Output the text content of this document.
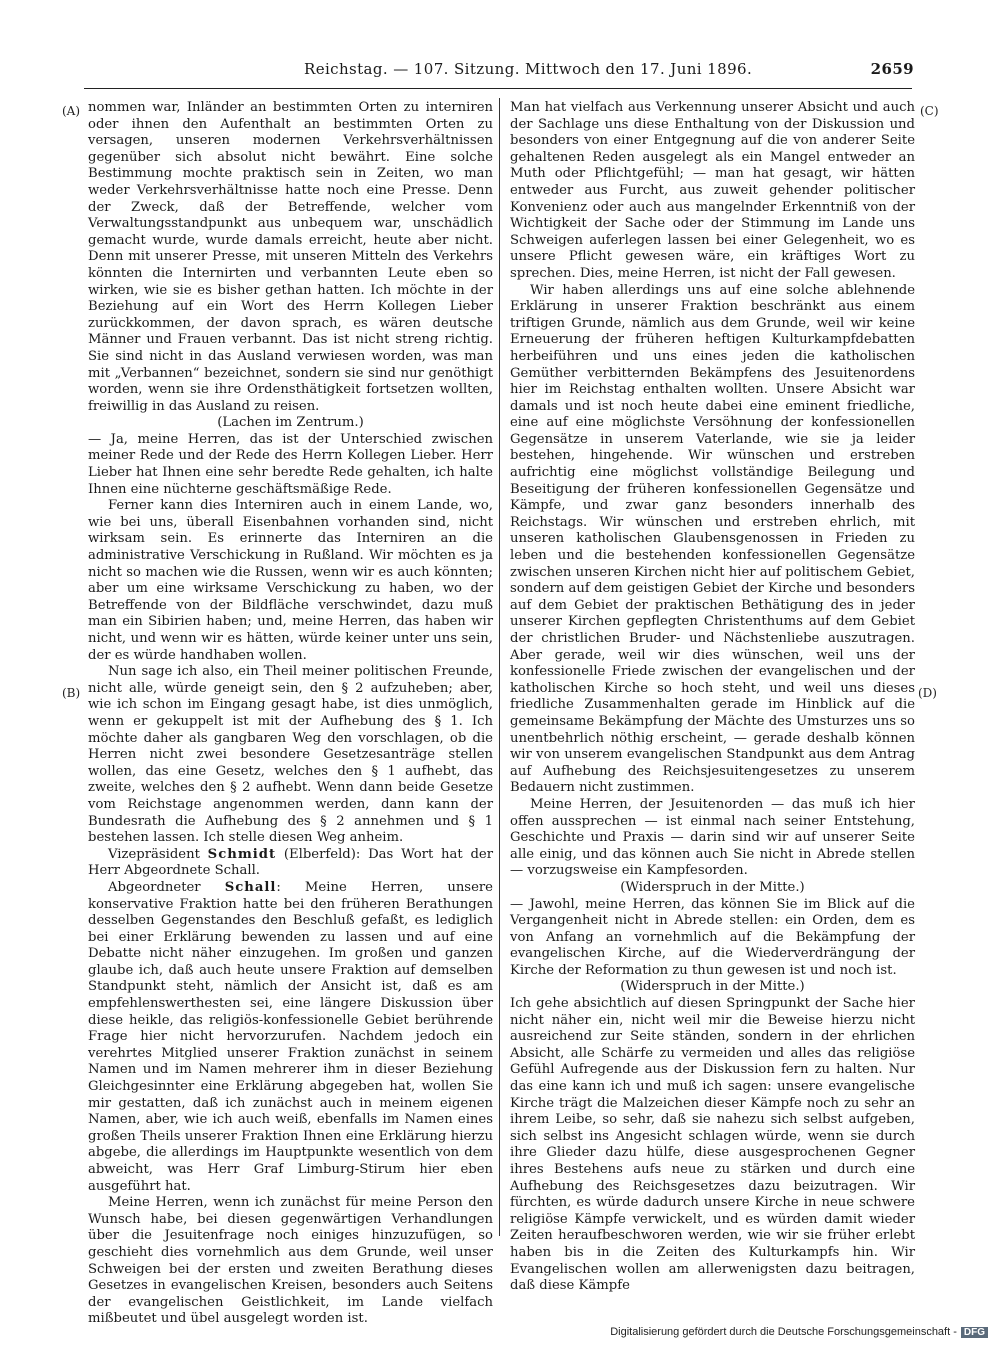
Reichstag. — 107. Sitzung. Mittwoch den 17. Juni 1896.	2659
(A)
(B)
(C)
(D)

nommen war, Inländer an bestimmten Orten zu interniren oder ihnen den Aufenthalt an bestimmten Orten zu versagen, unseren modernen Verkehrsverhältnissen gegenüber sich absolut nicht bewährt. Eine solche Bestimmung mochte praktisch sein in Zeiten, wo man weder Verkehrsverhältnisse hatte noch eine Presse. Denn der Zweck, daß der Betreffende, welcher vom Verwaltungsstandpunkt aus unbequem war, unschädlich gemacht wurde, wurde damals erreicht, heute aber nicht. Denn mit unserer Presse, mit unseren Mitteln des Verkehrs könnten die Internirten und verbannten Leute eben so wirken, wie sie es bisher gethan hatten. Ich möchte in der Beziehung auf ein Wort des Herrn Kollegen Lieber zurückkommen, der davon sprach, es wären deutsche Männer und Frauen verbannt. Das ist nicht streng richtig. Sie sind nicht in das Ausland verwiesen worden, was man mit „Verbannen“ bezeichnet, sondern sie sind nur genöthigt worden, wenn sie ihre Ordensthätigkeit fortsetzen wollten, freiwillig in das Ausland zu reisen.

(Lachen im Zentrum.)

— Ja, meine Herren, das ist der Unterschied zwischen meiner Rede und der Rede des Herrn Kollegen Lieber. Herr Lieber hat Ihnen eine sehr beredte Rede gehalten, ich halte Ihnen eine nüchterne geschäftsmäßige Rede.

Ferner kann dies Interniren auch in einem Lande, wo, wie bei uns, überall Eisenbahnen vorhanden sind, nicht wirksam sein. Es erinnerte das Interniren an die administrative Verschickung in Rußland. Wir möchten es ja nicht so machen wie die Russen, wenn wir es auch könnten; aber um eine wirksame Verschickung zu haben, wo der Betreffende von der Bildfläche verschwindet, dazu muß man ein Sibirien haben; und, meine Herren, das haben wir nicht, und wenn wir es hätten, würde keiner unter uns sein, der es würde handhaben wollen.

Nun sage ich also, ein Theil meiner politischen Freunde, nicht alle, würde geneigt sein, den § 2 aufzuheben; aber, wie ich schon im Eingang gesagt habe, ist dies unmöglich, wenn er gekuppelt ist mit der Aufhebung des § 1. Ich möchte daher als gangbaren Weg den vorschlagen, ob die Herren nicht zwei besondere Gesetzesanträge stellen wollen, das eine Gesetz, welches den § 1 aufhebt, das zweite, welches den § 2 aufhebt. Wenn dann beide Gesetze vom Reichstage angenommen werden, dann kann der Bundesrath die Aufhebung des § 2 annehmen und § 1 bestehen lassen. Ich stelle diesen Weg anheim.

Vizepräsident Schmidt (Elberfeld): Das Wort hat der Herr Abgeordnete Schall.

Abgeordneter Schall: Meine Herren, unsere konservative Fraktion hatte bei den früheren Berathungen desselben Gegenstandes den Beschluß gefaßt, es lediglich bei einer Erklärung bewenden zu lassen und auf eine Debatte nicht näher einzugehen. Im großen und ganzen glaube ich, daß auch heute unsere Fraktion auf demselben Standpunkt steht, nämlich der Ansicht ist, daß es am empfehlenswerthesten sei, eine längere Diskussion über diese heikle, das religiös-konfessionelle Gebiet berührende Frage hier nicht hervorzurufen. Nachdem jedoch ein verehrtes Mitglied unserer Fraktion zunächst in seinem Namen und im Namen mehrerer ihm in dieser Beziehung Gleichgesinnter eine Erklärung abgegeben hat, wollen Sie mir gestatten, daß ich zunächst auch in meinem eigenen Namen, aber, wie ich auch weiß, ebenfalls im Namen eines großen Theils unserer Fraktion Ihnen eine Erklärung hierzu abgebe, die allerdings im Hauptpunkte wesentlich von dem abweicht, was Herr Graf Limburg-Stirum hier eben ausgeführt hat.

Meine Herren, wenn ich zunächst für meine Person den Wunsch habe, bei diesen gegenwärtigen Verhandlungen über die Jesuitenfrage noch einiges hinzuzufügen, so geschieht dies vornehmlich aus dem Grunde, weil unser Schweigen bei der ersten und zweiten Berathung dieses Gesetzes in evangelischen Kreisen, besonders auch Seitens der evangelischen Geistlichkeit, im Lande vielfach mißbeutet und übel ausgelegt worden ist.

Man hat vielfach aus Verkennung unserer Absicht und auch der Sachlage uns diese Enthaltung von der Diskussion und besonders von einer Entgegnung auf die von anderer Seite gehaltenen Reden ausgelegt als ein Mangel entweder an Muth oder Pflichtgefühl; — man hat gesagt, wir hätten entweder aus Furcht, aus zuweit gehender politischer Konvenienz oder auch aus mangelnder Erkenntniß von der Wichtigkeit der Sache oder der Stimmung im Lande uns Schweigen auferlegen lassen bei einer Gelegenheit, wo es unsere Pflicht gewesen wäre, ein kräftiges Wort zu sprechen. Dies, meine Herren, ist nicht der Fall gewesen.

Wir haben allerdings uns auf eine solche ablehnende Erklärung in unserer Fraktion beschränkt aus einem triftigen Grunde, nämlich aus dem Grunde, weil wir keine Erneuerung der früheren heftigen Kulturkampfdebatten herbeiführen und uns eines jeden die katholischen Gemüther verbitternden Bekämpfens des Jesuitenordens hier im Reichstag enthalten wollten. Unsere Absicht war damals und ist noch heute dabei eine eminent friedliche, eine auf eine möglichste Versöhnung der konfessionellen Gegensätze in unserem Vaterlande, wie sie ja leider bestehen, hingehende. Wir wünschen und erstreben aufrichtig eine möglichst vollständige Beilegung und Beseitigung der früheren konfessionellen Gegensätze und Kämpfe, und zwar ganz besonders innerhalb des Reichstags. Wir wünschen und erstreben ehrlich, mit unseren katholischen Glaubensgenossen in Frieden zu leben und die bestehenden konfessionellen Gegensätze zwischen unseren Kirchen nicht hier auf politischem Gebiet, sondern auf dem geistigen Gebiet der Kirche und besonders auf dem Gebiet der praktischen Bethätigung des in jeder unserer Kirchen gepflegten Christenthums auf dem Gebiet der christlichen Bruder- und Nächstenliebe auszutragen. Aber gerade, weil wir dies wünschen, weil uns der konfessionelle Friede zwischen der evangelischen und der katholischen Kirche so hoch steht, und weil uns dieses friedliche Zusammenhalten gerade im Hinblick auf die gemeinsame Bekämpfung der Mächte des Umsturzes uns so unentbehrlich nöthig erscheint, — gerade deshalb können wir von unserem evangelischen Standpunkt aus dem Antrag auf Aufhebung des Reichsjesuitengesetzes zu unserem Bedauern nicht zustimmen.

Meine Herren, der Jesuitenorden — das muß ich hier offen aussprechen — ist einmal nach seiner Entstehung, Geschichte und Praxis — darin sind wir auf unserer Seite alle einig, und das können auch Sie nicht in Abrede stellen — vorzugsweise ein Kampfesorden.

(Widerspruch in der Mitte.)

— Jawohl, meine Herren, das können Sie im Blick auf die Vergangenheit nicht in Abrede stellen: ein Orden, dem es von Anfang an vornehmlich auf die Bekämpfung der evangelischen Kirche, auf die Wiederverdrängung der Kirche der Reformation zu thun gewesen ist und noch ist.

(Widerspruch in der Mitte.)

Ich gehe absichtlich auf diesen Springpunkt der Sache hier nicht näher ein, nicht weil mir die Beweise hierzu nicht ausreichend zur Seite ständen, sondern in der ehrlichen Absicht, alle Schärfe zu vermeiden und alles das religiöse Gefühl Aufregende aus der Diskussion fern zu halten. Nur das eine kann ich und muß ich sagen: unsere evangelische Kirche trägt die Malzeichen dieser Kämpfe noch zu sehr an ihrem Leibe, so sehr, daß sie nahezu sich selbst aufgeben, sich selbst ins Angesicht schlagen würde, wenn sie durch ihre Glieder dazu hülfe, diese ausgesprochenen Gegner ihres Bestehens aufs neue zu stärken und durch eine Aufhebung des Reichsgesetzes dazu beizutragen. Wir fürchten, es würde dadurch unsere Kirche in neue schwere religiöse Kämpfe verwickelt, und es würden damit wieder Zeiten heraufbeschworen werden, wie wir sie früher erlebt haben bis in die Zeiten des Kulturkampfs hin. Wir Evangelischen wollen am allerwenigsten dazu beitragen, daß diese Kämpfe

Digitalisierung gefördert durch die Deutsche Forschungsgemeinschaft - DFG
